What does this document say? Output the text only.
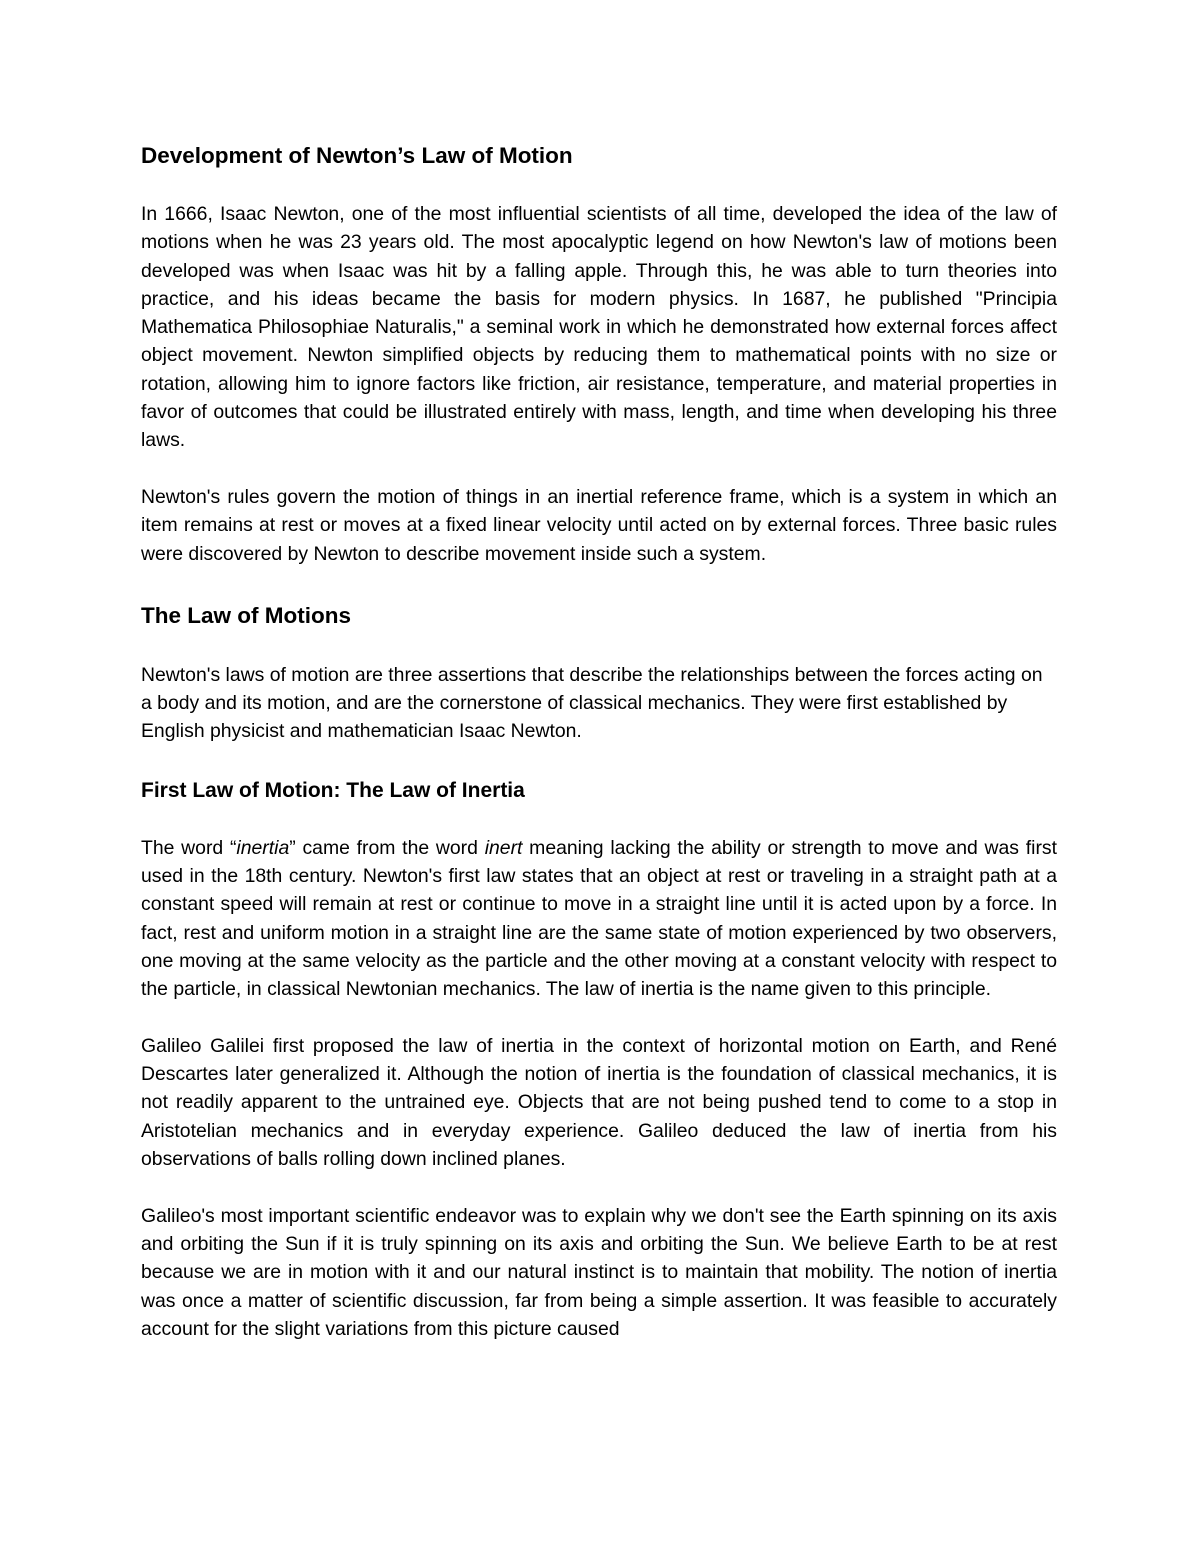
Development of Newton’s Law of Motion

In 1666, Isaac Newton, one of the most influential scientists of all time, developed the idea of the law of motions when he was 23 years old. The most apocalyptic legend on how Newton's law of motions been developed was when Isaac was hit by a falling apple. Through this, he was able to turn theories into practice, and his ideas became the basis for modern physics. In 1687, he published "Principia Mathematica Philosophiae Naturalis," a seminal work in which he demonstrated how external forces affect object movement. Newton simplified objects by reducing them to mathematical points with no size or rotation, allowing him to ignore factors like friction, air resistance, temperature, and material properties in favor of outcomes that could be illustrated entirely with mass, length, and time when developing his three laws.

Newton's rules govern the motion of things in an inertial reference frame, which is a system in which an item remains at rest or moves at a fixed linear velocity until acted on by external forces. Three basic rules were discovered by Newton to describe movement inside such a system.

The Law of Motions

Newton's laws of motion are three assertions that describe the relationships between the forces acting on a body and its motion, and are the cornerstone of classical mechanics. They were first established by English physicist and mathematician Isaac Newton.

First Law of Motion: The Law of Inertia

The word “inertia” came from the word inert meaning lacking the ability or strength to move and was first used in the 18th century. Newton's first law states that an object at rest or traveling in a straight path at a constant speed will remain at rest or continue to move in a straight line until it is acted upon by a force. In fact, rest and uniform motion in a straight line are the same state of motion experienced by two observers, one moving at the same velocity as the particle and the other moving at a constant velocity with respect to the particle, in classical Newtonian mechanics. The law of inertia is the name given to this principle.

Galileo Galilei first proposed the law of inertia in the context of horizontal motion on Earth, and René Descartes later generalized it. Although the notion of inertia is the foundation of classical mechanics, it is not readily apparent to the untrained eye. Objects that are not being pushed tend to come to a stop in Aristotelian mechanics and in everyday experience. Galileo deduced the law of inertia from his observations of balls rolling down inclined planes.

Galileo's most important scientific endeavor was to explain why we don't see the Earth spinning on its axis and orbiting the Sun if it is truly spinning on its axis and orbiting the Sun. We believe Earth to be at rest because we are in motion with it and our natural instinct is to maintain that mobility. The notion of inertia was once a matter of scientific discussion, far from being a simple assertion. It was feasible to accurately account for the slight variations from this picture caused
